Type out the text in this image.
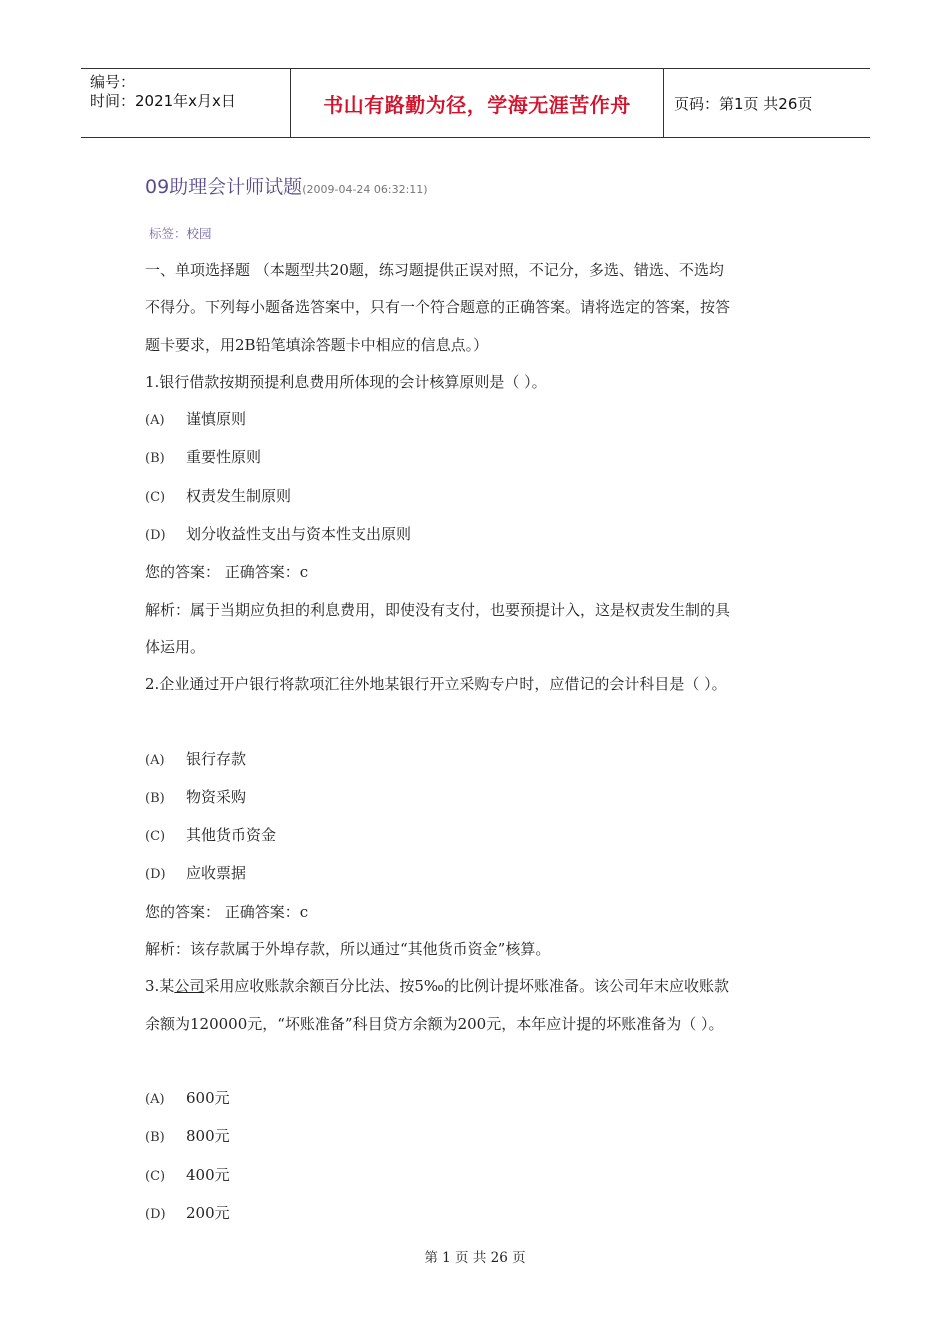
编号：
时间：2021年x月x日	书山有路勤为径，学海无涯苦作舟	页码：第1页 共26页
09助理会计师试题(2009-04-24 06:32:11)
标签：校园
一、单项选择题 （本题型共20题，练习题提供正误对照，不记分，多选、错选、不选均
不得分。下列每小题备选答案中，只有一个符合题意的正确答案。请将选定的答案，按答
题卡要求，用2B铅笔填涂答题卡中相应的信息点。）
1.银行借款按期预提利息费用所体现的会计核算原则是（ ）。
(A) 谨慎原则
(B) 重要性原则
(C) 权责发生制原则
(D) 划分收益性支出与资本性支出原则
您的答案： 正确答案：c
解析：属于当期应负担的利息费用，即使没有支付，也要预提计入，这是权责发生制的具
体运用。
2.企业通过开户银行将款项汇往外地某银行开立采购专户时，应借记的会计科目是（ ）。
(A) 银行存款
(B) 物资采购
(C) 其他货币资金
(D) 应收票据
您的答案： 正确答案：c
解析：该存款属于外埠存款，所以通过“其他货币资金”核算。
3.某公司采用应收账款余额百分比法、按5‰的比例计提坏账准备。该公司年末应收账款
余额为120000元，“坏账准备”科目贷方余额为200元，本年应计提的坏账准备为（ ）。
(A) 600元
(B) 800元
(C) 400元
(D) 200元
第 1 页 共 26 页
